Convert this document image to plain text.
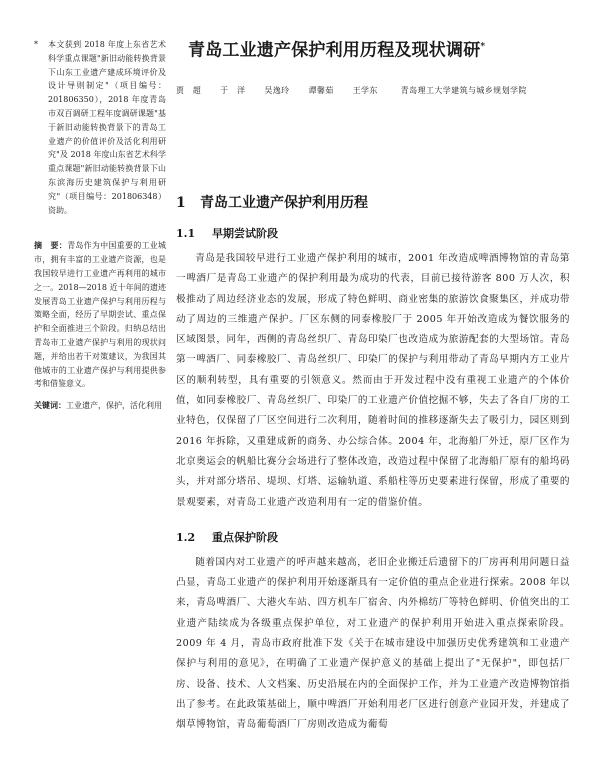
* 本文获到 2018 年度上东省艺术科学重点课题"新旧动能转换背景下山东工业遗产建成环境评价及设计导则制定"（项目编号：201806350），2018 年度青岛市双百调研工程年度调研课题"基于新旧动能转换背景下的青岛工业遗产的价值评价及活化利用研究"及 2018 年度山东省艺术科学重点课题"新旧动能转换背景下山东滨海历史建筑保护与利用研究"（项目编号：201806348）资助。

摘　要：青岛作为中国重要的工业城市，拥有丰富的工业遗产资源，也是我国较早进行工业遗产再利用的城市之一。2018—2018 近十年间的遗迹发展青岛工业遗产保护与利用历程与策略全面，经历了早期尝试、重点保护和全面推进三个阶段。归纳总结出青岛市工业遗产保护与利用的现状问题，并给出若干对策建议，为我国其他城市的工业遗产保护与利用提供参考和借鉴意义。

关键词：工业遗产，保护，活化利用

青岛工业遗产保护利用历程及现状调研*
贾　超 于　洋 吴逸玲 谭馨茹 王学东	青岛理工大学建筑与城乡规划学院
1 青岛工业遗产保护利用历程
1.1 早期尝试阶段

青岛是我国较早进行工业遗产保护利用的城市，2001 年改造成啤酒博物馆的青岛第一啤酒厂是青岛工业遗产的保护利用最为成功的代表，目前已接待游客 800 万人次，积极推动了周边经济业态的发展，形成了特色鲜明、商业密集的旅游饮食聚集区，并成功带动了周边的三维遗产保护。厂区东侧的同泰橡胶厂于 2005 年开始改造成为餐饮服务的区域图景，同年，西侧的青岛丝织厂、青岛印染厂也改造成为旅游配套的大型场馆。青岛第一啤酒厂、同泰橡胶厂、青岛丝织厂、印染厂的保护与利用带动了青岛早期内方工业片区的顺利转型，具有重要的引领意义。然而由于开发过程中没有重视工业遗产的个体价值，如同泰橡胶厂、青岛丝织厂、印染厂的工业遗产价值挖掘不够，失去了各自厂房的工业特色，仅保留了厂区空间进行二次利用，随着时间的推移逐渐失去了吸引力，园区则到 2016 年拆除，又重建成新的商务、办公综合体。2004 年，北海船厂外迁，原厂区作为北京奥运会的帆船比赛分会场进行了整体改造，改造过程中保留了北海船厂原有的船坞码头，并对部分塔吊、堤坝、灯塔、运输轨道、系船柱等历史要素进行保留，形成了重要的景观要素，对青岛工业遗产改造利用有一定的借鉴价值。

1.2 重点保护阶段

随着国内对工业遗产的呼声越来越高，老旧企业搬迁后遗留下的厂房再利用问题日益凸显，青岛工业遗产的保护利用开始逐渐具有一定价值的重点企业进行探索。2008 年以来，青岛啤酒厂、大港火车站、四方机车厂宿舍、内外棉纺厂等特色鲜明、价值突出的工业遗产陆续成为各级重点保护单位，对工业遗产的保护利用开始进入重点探索阶段。2009 年 4 月，青岛市政府批准下发《关于在城市建设中加强历史优秀建筑和工业遗产保护与利用的意见》，在明确了工业遗产保护意义的基础上提出了"无保护"，即包括厂房、设备、技术、人文档案、历史沿展在内的全面保护工作，并为工业遗产改造博物馆指出了参考。在此政策基础上，顺中啤酒厂开始利用老厂区进行创意产业园开发，并建成了烟草博物馆，青岛葡萄酒厂厂房则改造成为葡萄
